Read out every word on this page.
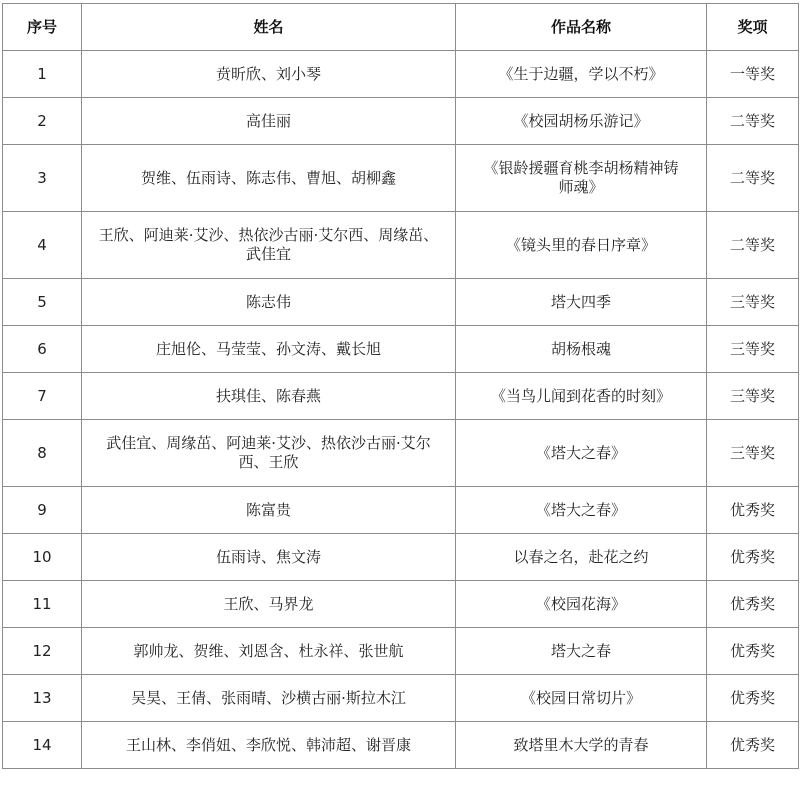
序号	姓名	作品名称	奖项
1	贲昕欣、刘小琴	《生于边疆，学以不朽》	一等奖
2	高佳丽	《校园胡杨乐游记》	二等奖
3	贺维、伍雨诗、陈志伟、曹旭、胡柳鑫	《银龄援疆育桃李胡杨精神铸师魂》	二等奖
4	王欣、阿迪莱·艾沙、热依沙古丽·艾尔西、周缘茁、武佳宜	《镜头里的春日序章》	二等奖
5	陈志伟	塔大四季	三等奖
6	庄旭伦、马莹莹、孙文涛、戴长旭	胡杨根魂	三等奖
7	扶琪佳、陈春燕	《当鸟儿闻到花香的时刻》	三等奖
8	武佳宜、周缘茁、阿迪莱·艾沙、热依沙古丽·艾尔西、王欣	《塔大之春》	三等奖
9	陈富贵	《塔大之春》	优秀奖
10	伍雨诗、焦文涛	以春之名，赴花之约	优秀奖
11	王欣、马界龙	《校园花海》	优秀奖
12	郭帅龙、贺维、刘恩含、杜永祥、张世航	塔大之春	优秀奖
13	吴昊、王倩、张雨晴、沙横古丽·斯拉木江	《校园日常切片》	优秀奖
14	王山林、李俏妞、李欣悦、韩沛超、谢晋康	致塔里木大学的青春	优秀奖
